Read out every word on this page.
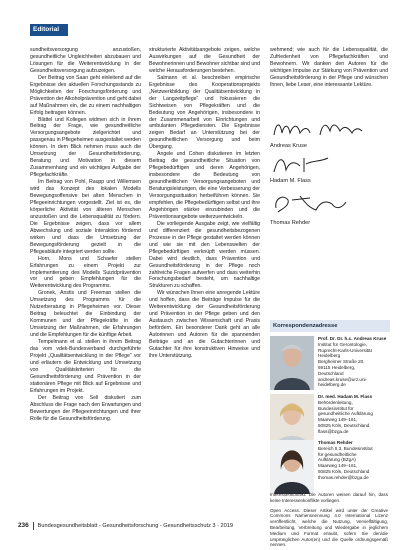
Editorial

sundheitsversorgung anzustoßen, gesundheitliche Ungleichheiten abzubauen und Lösungen für die Weiterentwicklung in der Gesundheitsversorgung aufzuzeigen.

Der Beitrag von Saan geht einleitend auf die Ergebnisse des aktuellen Forschungsstands zu Möglichkeiten der Forschungsförderung und Prävention der Alkoholprävention und geht dabei auf Maßnahmen ein, die zu einem nachhaltigen Erfolg beitragen können.

Blättel und Kollegen widmen sich in ihrem Beitrag der Frage, wie gesundheitliche Versorgungsangebote zielgerichtet und passgenau in Pflegeheimen ausgestaltet werden können. In dem Blick nehmen muss auch die Umsetzung der Gesundheitsförderung, Beratung und Motivation in diesem Zusammenhang und ein wichtiges Aufgabe der Pflegefachkräfte.

Im Beitrag von Pohl, Raupp und Willemsen wird das Konzept des lokalen Modells Bewegungsoffensive bei alten Menschen in Pflegeeinrichtungen vorgestellt. Ziel ist es, die körperliche Aktivität von älteren Menschen anzustoßen und die Lebensqualität zu fördern. Die Ergebnisse zeigen, dass vor allem Abwechslung und soziale Interaktion fördernd wirken und dass die Umsetzung der Bewegungsförderung gezielt in die Pflegeabläufe integriert werden sollte.

Horn, Mons und Schaefer stellen Erfahrungen zu einem Projekt zur Implementierung des Modells Suizidprävention vor und geben Empfehlungen für die Weiterentwicklung des Programms.

Gronek, Anstis und Freeman stellen die Umsetzung des Programms für die Nutzerberatung in Pflegeheimen vor. Dieser Beitrag beleuchtet die Einbindung der Kommunen und der Pflegekräfte in die Umsetzung der Maßnahmen, die Erfahrungen und die Empfehlungen für die künftige Arbeit.

Tempelmann et al. stellen in ihrem Beitrag das vom vdek-Bundesverband durchgeführte Projekt „Qualitätsentwicklung in der Pflege“ vor und erläutern die Entwicklung und Umsetzung von Qualitätskriterien für die Gesundheitsförderung und Prävention in der stationären Pflege mit Blick auf Ergebnisse und Erfahrungen im Projekt.

Der Beitrag von Sell diskutiert zum Abschluss die Frage nach den Erwartungen und Bewertungen der Pflegeeinrichtungen und ihrer Rolle für die Gesundheitsförderung.

strukturierte Aktivitätsangebote zeigen, welche Auswirkungen auf die Gesundheit der Bewohnerinnen und Bewohner sichtbar sind und welche Herausforderungen bestehen.

Salmann et al. beschreiben empirische Ergebnisse des Kooperationsprojekts „Netzwerkbildung der Qualitätsentwicklung in der Langzeitpflege“ und fokussieren die Sichtweisen von Pflegekräften und die Bedeutung von Angehörigen, insbesondere in der Zusammenarbeit von Einrichtungen und ambulanten Pflegediensten. Die Ergebnisse zeigen Bedarf an Unterstützung bei der gesundheitlichen Versorgung und beim Übergang.

Angele und Cohen diskutieren im letzten Beitrag die gesundheitliche Situation von Pflegebedürftigen und deren Angehörigen, insbesondere die Bedeutung von gesundheitlichen Versorgungsangeboten und Beratungsleistungen, die eine Verbesserung der Versorgungssituation herbeiführen können. Sie empfehlen, die Pflegebedürftigen selbst und ihre Angehörigen stärker einzubinden und die Präventionsangebote weiterzuentwickeln.

Die vorliegende Ausgabe zeigt, wie vielfältig und differenziert die gesundheitsbezogenen Prozesse in der Pflege gestaltet werden können und wie sie mit den Lebenswelten der Pflegebedürftigen verknüpft werden müssen. Dabei wird deutlich, dass Prävention und Gesundheitsförderung in der Pflege noch zahlreiche Fragen aufwerfen und dass weiterhin Forschungsbedarf besteht, um nachhaltige Strukturen zu schaffen.

Wir wünschen Ihnen eine anregende Lektüre und hoffen, dass die Beiträge Impulse für die Weiterentwicklung der Gesundheitsförderung und Prävention in der Pflege geben und den Austausch zwischen Wissenschaft und Praxis befördern. Ein besonderer Dank geht an alle Autorinnen und Autoren für die spannenden Beiträge und an die Gutachterinnen und Gutachter für ihre konstruktiven Hinweise und ihre Unterstützung.

wehmend; wie auch für die Lebensqualität, die Zufriedenheit von Pflegefachkräften und Bewohnern. Wir danken den Autoren für die wichtigen Impulse zur Stärkung von Prävention und Gesundheitsförderung in der Pflege und wünschen Ihnen, liebe Leser, eine interessante Lektüre.

Andreas Kruse
Hadam M. Flass
Thomas Rehder
Korrespondenzadresse
Prof. Dr. Dr. h.c. Andreas Kruse
Institut für Gerontologie,
Ruprecht-Karls-Universität
Heidelberg
Bergheimer Straße 20,
69115 Heidelberg,
Deutschland
andreas.kruse@urz.uni-
heidelberg.de
Dr. med. Hadam M. Flass
Behördenleitung,
Bundesinstitut für
gesundheitliche Aufklärung
Maarweg 149–161,
50825 Köln, Deutschland
flass@bzga.de
Thomas Rehder
Bereich II.3, Bundesinstitut
für gesundheitliche
Aufklärung (BZgA)
Maarweg 149–161,
50825 Köln, Deutschland
thomas.rehder@bzga.de

Interessenkonflikt. Die Autoren weisen darauf hin, dass keine Interessenkonflikte vorliegen.

Open Access. Dieser Artikel wird unter der Creative Commons Namensnennung 4.0 International Lizenz veröffentlicht, welche die Nutzung, Vervielfältigung, Bearbeitung, Verbreitung und Wiedergabe in jeglichem Medium und Format erlaubt, sofern Sie den/die ursprünglichen Autor(en) und die Quelle ordnungsgemäß nennen.

236 Bundesgesundheitsblatt - Gesundheitsforschung - Gesundheitsschutz 3 · 2019
